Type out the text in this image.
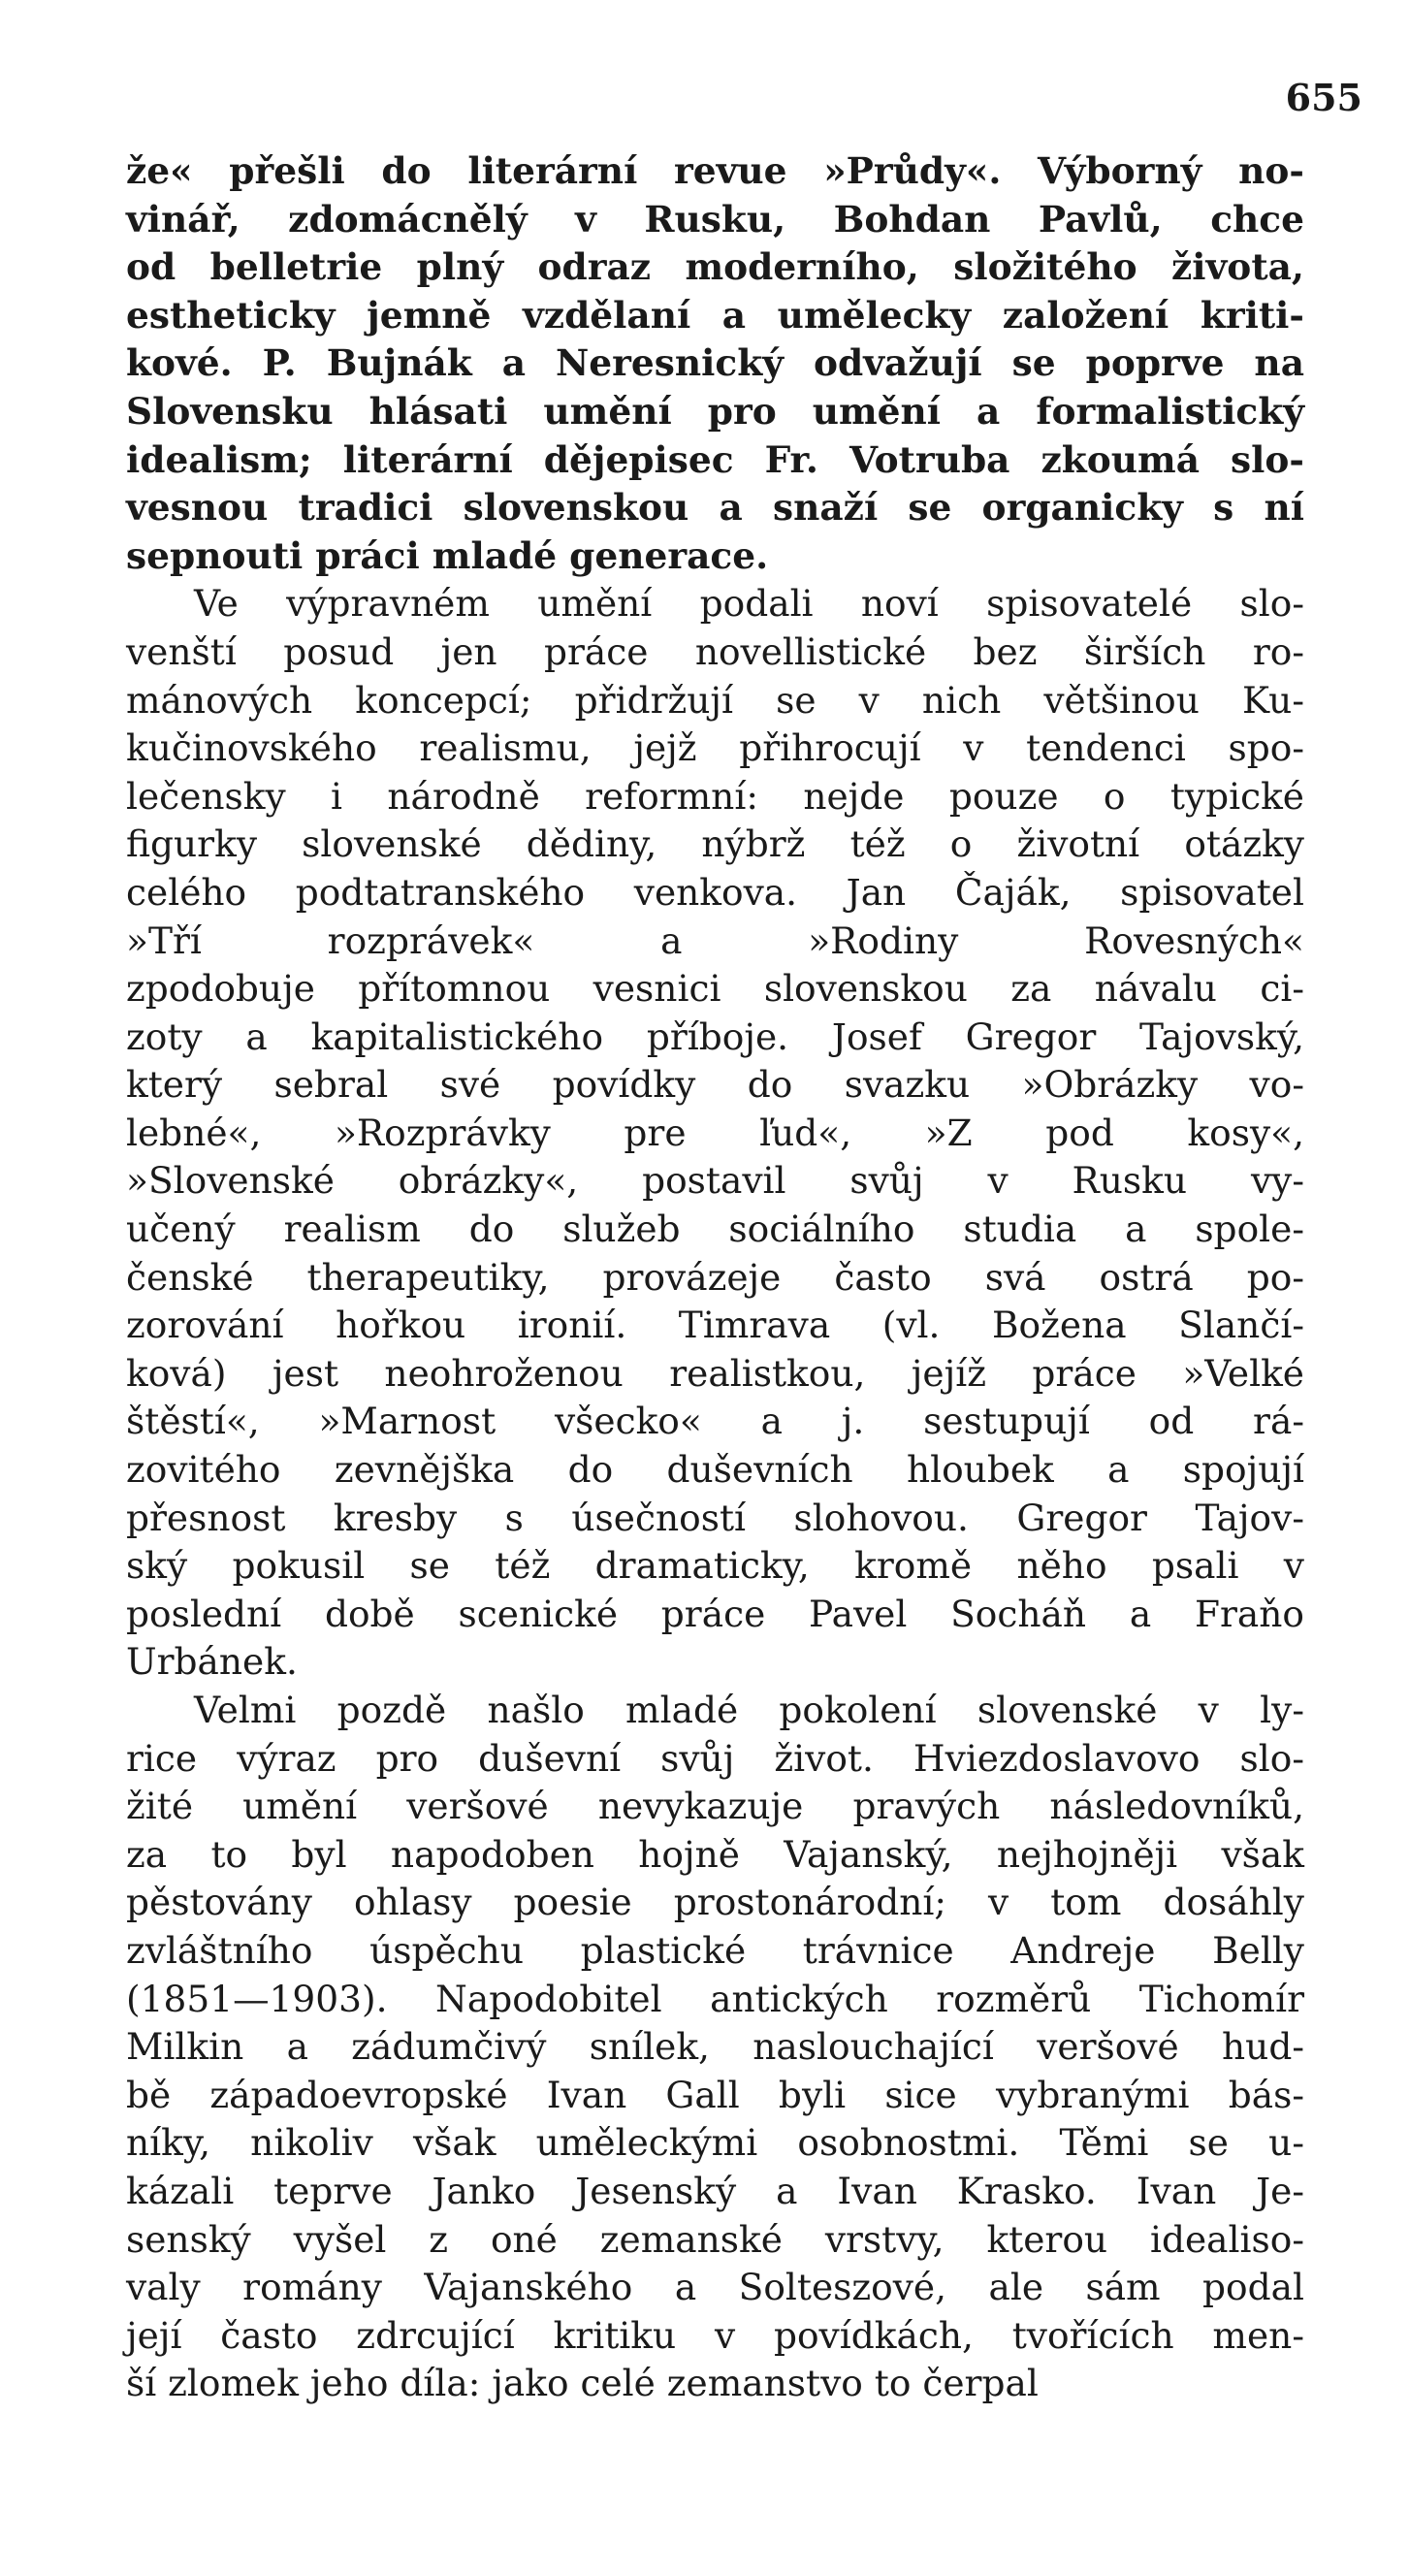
655

že« přešli do literární revue »Průdy«. Výborný no-
vinář, zdomácnělý v Rusku, Bohdan Pavlů, chce
od belletrie plný odraz moderního, složitého života,
estheticky jemně vzdělaní a umělecky založení kriti-
kové. P. Bujnák a Neresnický odvažují se poprve na
Slovensku hlásati umění pro umění a formalistický
idealism; literární dějepisec Fr. Votruba zkoumá slo-
vesnou tradici slovenskou a snaží se organicky s ní
sepnouti práci mladé generace.

Ve výpravném umění podali noví spisovatelé slo-
venští posud jen práce novellistické bez širších ro-
mánových koncepcí; přidržují se v nich většinou Ku-
kučinovského realismu, jejž přihrocují v tendenci spo-
lečensky i národně reformní: nejde pouze o typické
figurky slovenské dědiny, nýbrž též o životní otázky
celého podtatranského venkova. Jan Čaják, spisovatel
»Tří rozprávek« a »Rodiny Rovesných«
zpodobuje přítomnou vesnici slovenskou za návalu ci-
zoty a kapitalistického příboje. Josef Gregor Tajovský,
který sebral své povídky do svazku »Obrázky vo-
lebné«, »Rozprávky pre ľud«, »Z pod kosy«,
»Slovenské obrázky«, postavil svůj v Rusku vy-
učený realism do služeb sociálního studia a spole-
čenské therapeutiky, provázeje často svá ostrá po-
zorování hořkou ironií. Timrava (vl. Božena Slančí-
ková) jest neohroženou realistkou, jejíž práce »Velké
štěstí«, »Marnost všecko« a j. sestupují od rá-
zovitého zevnějška do duševních hloubek a spojují
přesnost kresby s úsečností slohovou. Gregor Tajov-
ský pokusil se též dramaticky, kromě něho psali v
poslední době scenické práce Pavel Socháň a Fraňo
Urbánek.

Velmi pozdě našlo mladé pokolení slovenské v ly-
rice výraz pro duševní svůj život. Hviezdoslavovo slo-
žité umění veršové nevykazuje pravých následovníků,
za to byl napodoben hojně Vajanský, nejhojněji však
pěstovány ohlasy poesie prostonárodní; v tom dosáhly
zvláštního úspěchu plastické trávnice Andreje Belly
(1851—1903). Napodobitel antických rozměrů Tichomír
Milkin a zádumčivý snílek, naslouchající veršové hud-
bě západoevropské Ivan Gall byli sice vybranými bás-
níky, nikoliv však uměleckými osobnostmi. Těmi se u-
kázali teprve Janko Jesenský a Ivan Krasko. Ivan Je-
senský vyšel z oné zemanské vrstvy, kterou idealiso-
valy romány Vajanského a Solteszové, ale sám podal
její často zdrcující kritiku v povídkách, tvořících men-
ší zlomek jeho díla: jako celé zemanstvo to čerpal
